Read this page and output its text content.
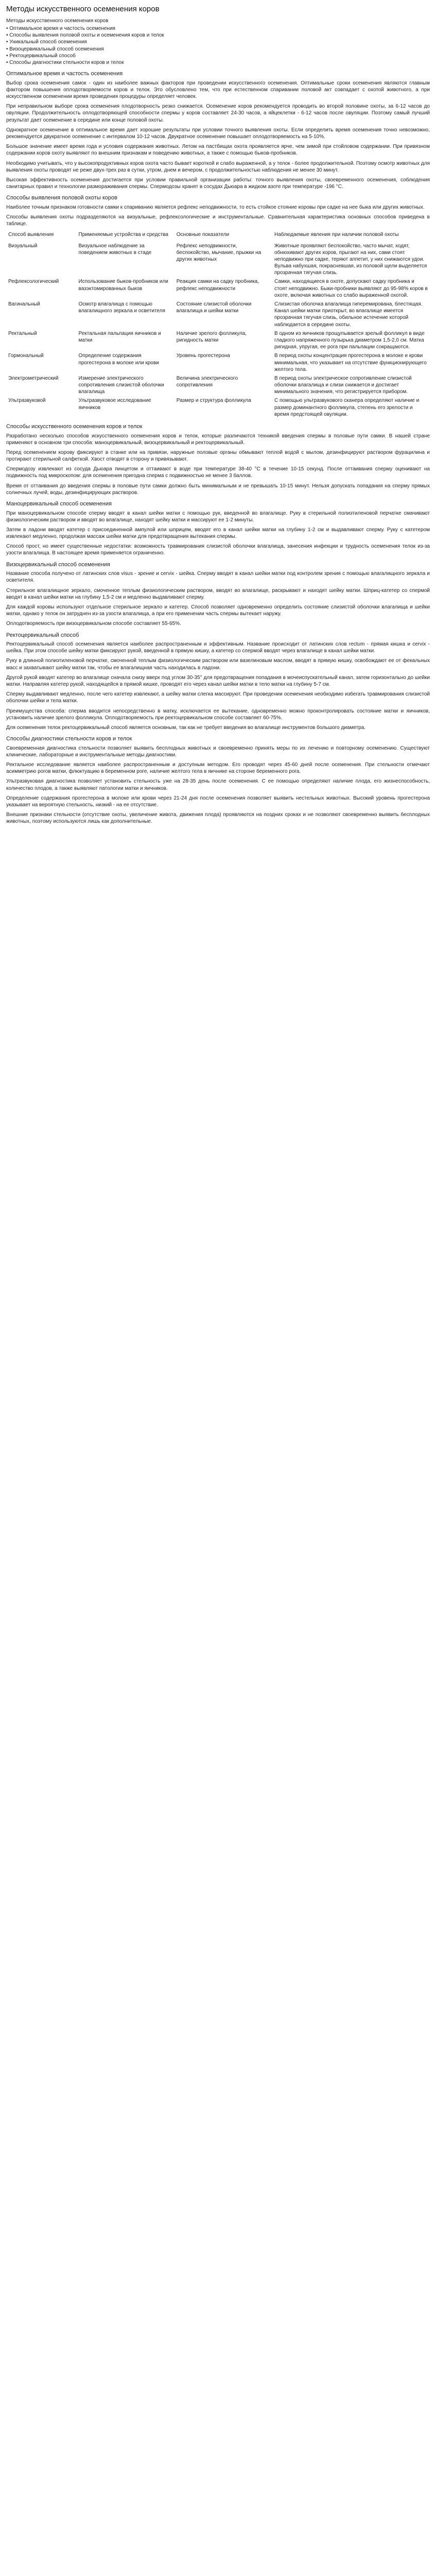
Методы искусственного осеменения коров
Методы искусственного осеменения коров
• Оптимальное время и частость осеменения
• Способы выявления половой охоты и осеменения коров и телок
• Уникальный способ осеменения
• Визоцервикальный способ осеменения
• Ректоцервикальный способ
• Способы диагностики стельности коров и телок
Оптимальное время и частость осеменения

Выбор срока осеменения самок - один из наиболее важных факторов при проведении искусственного осеменения. Оптимальные сроки осеменения являются главным фактором повышения оплодотворяемости коров и телок. Это обусловлено тем, что при естественном спаривании половой акт совпадает с охотой животного, а при искусственном осеменении время проведения процедуры определяет человек.

При неправильном выборе срока осеменения плодотворность резко снижается. Осеменение коров рекомендуется проводить во второй половине охоты, за 6-12 часов до овуляции. Продолжительность оплодотворяющей способности спермы у коров составляет 24-30 часов, а яйцеклетки - 6-12 часов после овуляции. Поэтому самый лучший результат дает осеменение в середине или конце половой охоты.

Однократное осеменение в оптимальное время дает хорошие результаты при условии точного выявления охоты. Если определить время осеменения точно невозможно, рекомендуется двукратное осеменение с интервалом 10-12 часов. Двукратное осеменение повышает оплодотворяемость на 5-10%.

Большое значение имеет время года и условия содержания животных. Летом на пастбищах охота проявляется ярче, чем зимой при стойловом содержании. При привязном содержании коров охоту выявляют по внешним признакам и поведению животных, а также с помощью быков-пробников.

Необходимо учитывать, что у высокопродуктивных коров охота часто бывает короткой и слабо выраженной, а у телок - более продолжительной. Поэтому осмотр животных для выявления охоты проводят не реже двух-трех раз в сутки, утром, днем и вечером, с продолжительностью наблюдения не менее 30 минут.

Высокая эффективность осеменения достигается при условии правильной организации работы: точного выявления охоты, своевременного осеменения, соблюдения санитарных правил и технологии размораживания спермы. Спермодозы хранят в сосудах Дьюара в жидком азоте при температуре -196 °С.

Способы выявления половой охоты коров

Наиболее точным признаком готовности самки к спариванию является рефлекс неподвижности, то есть стойкое стояние коровы при садке на нее быка или других животных.

Способы выявления охоты подразделяются на визуальные, рефлексологические и инструментальные. Сравнительная характеристика основных способов приведена в таблице.

Способ выявления	Применяемые устройства и средства	Основные показатели	Наблюдаемые явления при наличии половой охоты
Визуальный	Визуальное наблюдение за поведением животных в стаде	Рефлекс неподвижности, беспокойство, мычание, прыжки на других животных	Животные проявляют беспокойство, часто мычат, ходят, обнюхивают других коров, прыгают на них, сами стоят неподвижно при садке, теряют аппетит, у них снижаются удои. Вульва набухшая, покрасневшая, из половой щели выделяется прозрачная тягучая слизь.
Рефлексологический	Использование быков-пробников или вазэктомированных быков	Реакция самки на садку пробника, рефлекс неподвижности	Самки, находящиеся в охоте, допускают садку пробника и стоят неподвижно. Быки-пробники выявляют до 95-98% коров в охоте, включая животных со слабо выраженной охотой.
Вагинальный	Осмотр влагалища с помощью влагалищного зеркала и осветителя	Состояние слизистой оболочки влагалища и шейки матки	Слизистая оболочка влагалища гиперемирована, блестящая. Канал шейки матки приоткрыт, во влагалище имеется прозрачная тягучая слизь, обильное истечение которой наблюдается в середине охоты.
Ректальный	Ректальная пальпация яичников и матки	Наличие зрелого фолликула, ригидность матки	В одном из яичников прощупывается зрелый фолликул в виде гладкого напряженного пузырька диаметром 1,5-2,0 см. Матка ригидная, упругая, ее рога при пальпации сокращаются.
Гормональный	Определение содержания прогестерона в молоке или крови	Уровень прогестерона	В период охоты концентрация прогестерона в молоке и крови минимальная, что указывает на отсутствие функционирующего желтого тела.
Электрометрический	Измерение электрического сопротивления слизистой оболочки влагалища	Величина электрического сопротивления	В период охоты электрическое сопротивление слизистой оболочки влагалища и слизи снижается и достигает минимального значения, что регистрируется прибором.
Ультразвуковой	Ультразвуковое исследование яичников	Размер и структура фолликула	С помощью ультразвукового сканера определяют наличие и размер доминантного фолликула, степень его зрелости и время предстоящей овуляции.
Способы искусственного осеменения коров и телок

Разработано несколько способов искусственного осеменения коров и телок, которые различаются техникой введения спермы в половые пути самки. В нашей стране применяют в основном три способа: маноцервикальный, визоцервикальный и ректоцервикальный.

Перед осеменением корову фиксируют в станке или на привязи, наружные половые органы обмывают теплой водой с мылом, дезинфицируют раствором фурацилина и протирают стерильной салфеткой. Хвост отводят в сторону и привязывают.

Спермодозу извлекают из сосуда Дьюара пинцетом и оттаивают в воде при температуре 38-40 °С в течение 10-15 секунд. После оттаивания сперму оценивают на подвижность под микроскопом: для осеменения пригодна сперма с подвижностью не менее 3 баллов.

Время от оттаивания до введения спермы в половые пути самки должно быть минимальным и не превышать 10-15 минут. Нельзя допускать попадания на сперму прямых солнечных лучей, воды, дезинфицирующих растворов.

Маноцервикальный способ осеменения

При маноцервикальном способе сперму вводят в канал шейки матки с помощью рук, введенной во влагалище. Руку в стерильной полиэтиленовой перчатке смачивают физиологическим раствором и вводят во влагалище, находят шейку матки и массируют ее 1-2 минуты.

Затем в ладони вводят катетер с присоединенной ампулой или шприцем, вводят его в канал шейки матки на глубину 1-2 см и выдавливают сперму. Руку с катетером извлекают медленно, продолжая массаж шейки матки для предотвращения вытекания спермы.

Способ прост, но имеет существенные недостатки: возможность травмирования слизистой оболочки влагалища, занесения инфекции и трудность осеменения телок из-за узости влагалища. В настоящее время применяется ограниченно.

Визоцервикальный способ осеменения

Название способа получено от латинских слов visus - зрение и cervix - шейка. Сперму вводят в канал шейки матки под контролем зрения с помощью влагалищного зеркала и осветителя.

Стерильное влагалищное зеркало, смоченное теплым физиологическим раствором, вводят во влагалище, раскрывают и находят шейку матки. Шприц-катетер со спермой вводят в канал шейки матки на глубину 1,5-2 см и медленно выдавливают сперму.

Для каждой коровы используют отдельное стерильное зеркало и катетер. Способ позволяет одновременно определить состояние слизистой оболочки влагалища и шейки матки, однако у телок он затруднен из-за узости влагалища, а при его применении часть спермы вытекает наружу.

Оплодотворяемость при визоцервикальном способе составляет 55-65%.

Ректоцервикальный способ

Ректоцервикальный способ осеменения является наиболее распространенным и эффективным. Название происходит от латинских слов rectum - прямая кишка и cervix - шейка. При этом способе шейку матки фиксируют рукой, введенной в прямую кишку, а катетер со спермой вводят через влагалище в канал шейки матки.

Руку в длинной полиэтиленовой перчатке, смоченной теплым физиологическим раствором или вазелиновым маслом, вводят в прямую кишку, освобождают ее от фекальных масс и захватывают шейку матки так, чтобы ее влагалищная часть находилась в ладони.

Другой рукой вводят катетер во влагалище сначала снизу вверх под углом 30-35° для предотвращения попадания в мочеиспускательный канал, затем горизонтально до шейки матки. Направляя катетер рукой, находящейся в прямой кишке, проводят его через канал шейки матки в тело матки на глубину 5-7 см.

Сперму выдавливают медленно, после чего катетер извлекают, а шейку матки слегка массируют. При проведении осеменения необходимо избегать травмирования слизистой оболочки шейки и тела матки.

Преимущества способа: сперма вводится непосредственно в матку, исключается ее вытекание, одновременно можно проконтролировать состояние матки и яичников, установить наличие зрелого фолликула. Оплодотворяемость при ректоцервикальном способе составляет 60-75%.

Для осеменения телок ректоцервикальный способ является основным, так как не требует введения во влагалище инструментов большого диаметра.

Способы диагностики стельности коров и телок

Своевременная диагностика стельности позволяет выявить бесплодных животных и своевременно принять меры по их лечению и повторному осеменению. Существуют клинические, лабораторные и инструментальные методы диагностики.

Ректальное исследование является наиболее распространенным и доступным методом. Его проводят через 45-60 дней после осеменения. При стельности отмечают асимметрию рогов матки, флюктуацию в беременном роге, наличие желтого тела в яичнике на стороне беременного рога.

Ультразвуковая диагностика позволяет установить стельность уже на 28-35 день после осеменения. С ее помощью определяют наличие плода, его жизнеспособность, количество плодов, а также выявляют патологии матки и яичников.

Определение содержания прогестерона в молоке или крови через 21-24 дня после осеменения позволяет выявить нестельных животных. Высокий уровень прогестерона указывает на вероятную стельность, низкий - на ее отсутствие.

Внешние признаки стельности (отсутствие охоты, увеличение живота, движения плода) проявляются на поздних сроках и не позволяют своевременно выявить бесплодных животных, поэтому используются лишь как дополнительные.
